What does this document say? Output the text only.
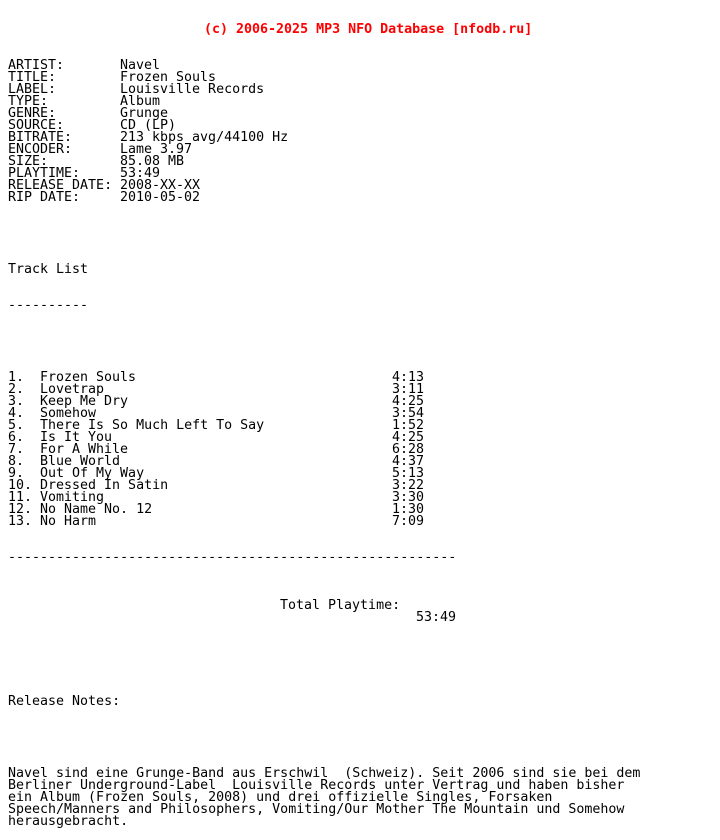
(c) 2006-2025 MP3 NFO Database [nfodb.ru]

ARTIST:	Navel
TITLE:	Frozen Souls
LABEL:	Louisville Records
TYPE:	Album
GENRE:	Grunge
SOURCE:	CD (LP)
BITRATE:	213 kbps avg/44100 Hz
ENCODER:	Lame 3.97
SIZE:	85.08 MB
PLAYTIME:	53:49
RELEASE DATE: 2008-XX-XX
RIP DATE:	2010-05-02

Track List

----------

1. Frozen Souls	4:13
2. Lovetrap	3:11
3. Keep Me Dry	4:25
4. Somehow	3:54
5. There Is So Much Left To Say	1:52
6. Is It You	4:25
7. For A While	6:28
8. Blue World	4:37
9. Out Of My Way	5:13
10. Dressed In Satin	3:22
11. Vomiting	3:30
12. No Name No. 12	1:30
13. No Harm	7:09

--------------------------------------------------------

Total Playtime:

53:49

Release Notes:

Navel sind eine Grunge-Band aus Erschwil  (Schweiz). Seit 2006 sind sie bei dem
Berliner Underground-Label  Louisville Records unter Vertrag und haben bisher
ein Album (Frozen Souls, 2008) und drei offizielle Singles, Forsaken
Speech/Manners and Philosophers, Vomiting/Our Mother The Mountain und Somehow
herausgebracht.
